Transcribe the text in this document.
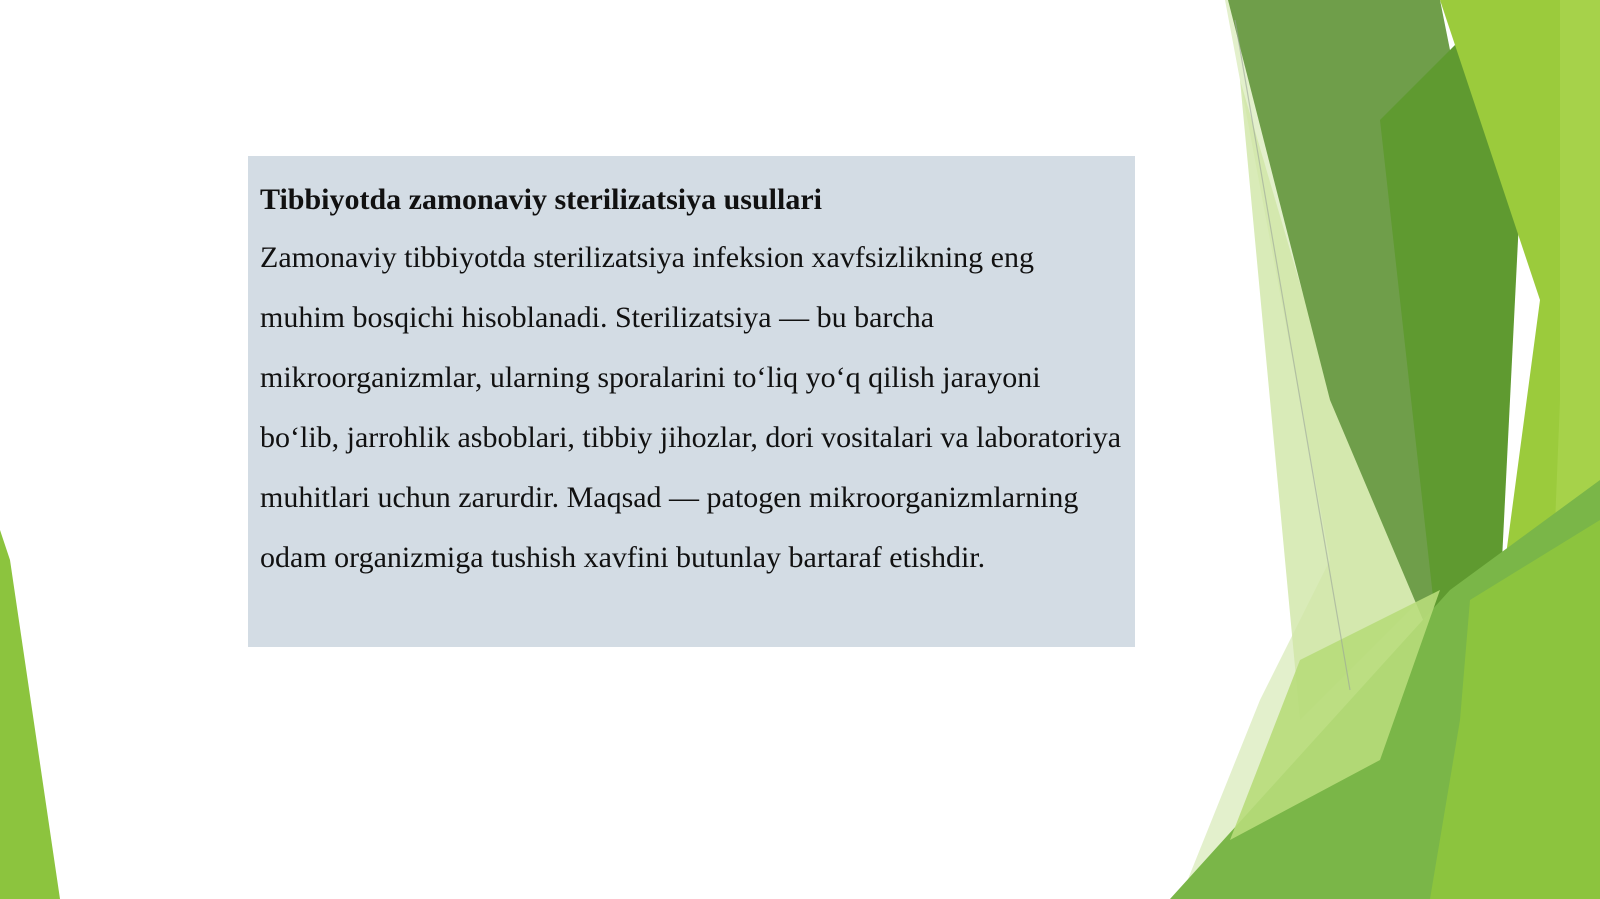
Tibbiyotda zamonaviy sterilizatsiya usullari

Zamonaviy tibbiyotda sterilizatsiya infeksion xavfsizlikning eng muhim bosqichi hisoblanadi. Sterilizatsiya — bu barcha mikroorganizmlar, ularning sporalarini to‘liq yo‘q qilish jarayoni bo‘lib, jarrohlik asboblari, tibbiy jihozlar, dori vositalari va laboratoriya muhitlari uchun zarurdir. Maqsad — patogen mikroorganizmlarning odam organizmiga tushish xavfini butunlay bartaraf etishdir.
